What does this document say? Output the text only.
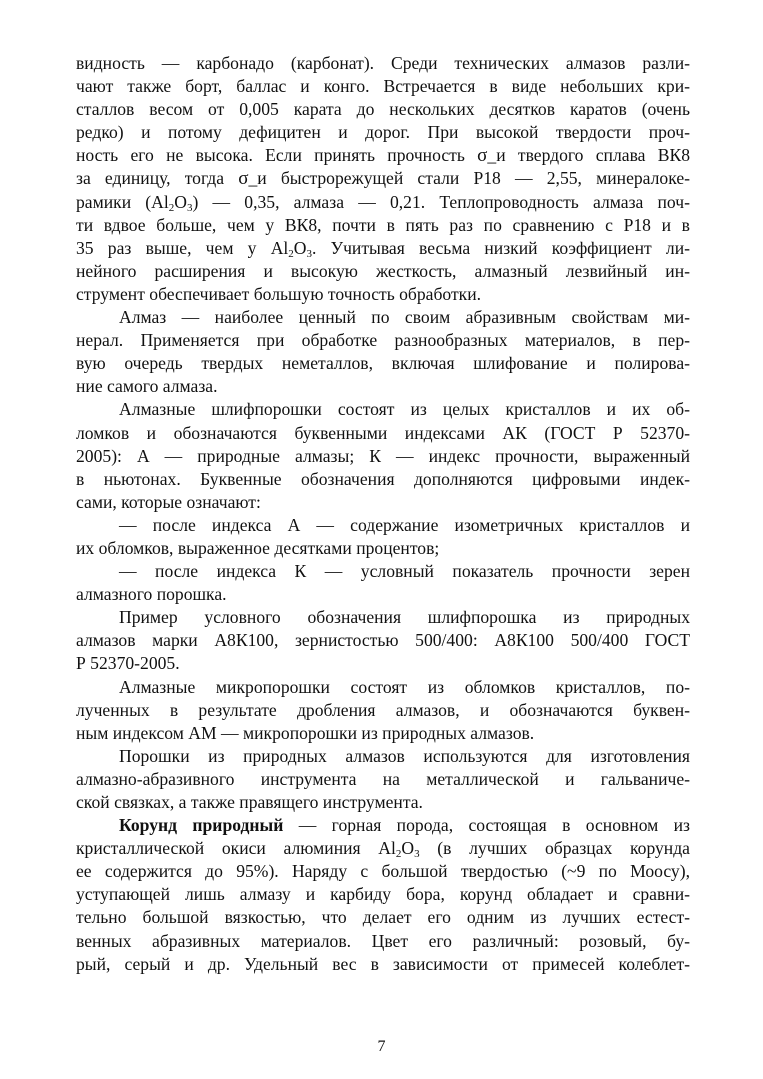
видность — карбонадо (карбонат). Среди технических алмазов разли-
чают также борт, баллас и конго. Встречается в виде небольших кри-
сталлов весом от 0,005 карата до нескольких десятков каратов (очень
редко) и потому дефицитен и дорог. При высокой твердости проч-
ность его не высока. Если принять прочность σ_и твердого сплава ВК8
за единицу, тогда σ_и быстрорежущей стали Р18 — 2,55, минералоке-
рамики $(Al_2O_3)$ — 0,35, алмаза — 0,21. Теплопроводность алмаза поч-
ти вдвое больше, чем у ВК8, почти в пять раз по сравнению с Р18 и в
35 раз выше, чем у $Al_2O_3$. Учитывая весьма низкий коэффициент ли-
нейного расширения и высокую жесткость, алмазный лезвийный ин-
струмент обеспечивает большую точность обработки.
Алмаз — наиболее ценный по своим абразивным свойствам ми-
нерал. Применяется при обработке разнообразных материалов, в пер-
вую очередь твердых неметаллов, включая шлифование и полирова-
ние самого алмаза.
Алмазные шлифпорошки состоят из целых кристаллов и их об-
ломков и обозначаются буквенными индексами АК (ГОСТ Р 52370-
2005): А — природные алмазы; К — индекс прочности, выраженный
в ньютонах. Буквенные обозначения дополняются цифровыми индек-
сами, которые означают:
— после индекса А — содержание изометричных кристаллов и
их обломков, выраженное десятками процентов;
— после индекса К — условный показатель прочности зерен
алмазного порошка.
Пример условного обозначения шлифпорошка из природных
алмазов марки А8К100, зернистостью 500/400: А8К100 500/400 ГОСТ
Р 52370-2005.
Алмазные микропорошки состоят из обломков кристаллов, по-
лученных в результате дробления алмазов, и обозначаются буквен-
ным индексом АМ — микропорошки из природных алмазов.
Порошки из природных алмазов используются для изготовления
алмазно-абразивного инструмента на металлической и гальваниче-
ской связках, а также правящего инструмента.
Корунд природный — горная порода, состоящая в основном из
кристаллической окиси алюминия $Al_2O_3$ (в лучших образцах корунда
ее содержится до 95%). Наряду с большой твердостью (~9 по Моосу),
уступающей лишь алмазу и карбиду бора, корунд обладает и сравни-
тельно большой вязкостью, что делает его одним из лучших естест-
венных абразивных материалов. Цвет его различный: розовый, бу-
рый, серый и др. Удельный вес в зависимости от примесей колеблет-
7
